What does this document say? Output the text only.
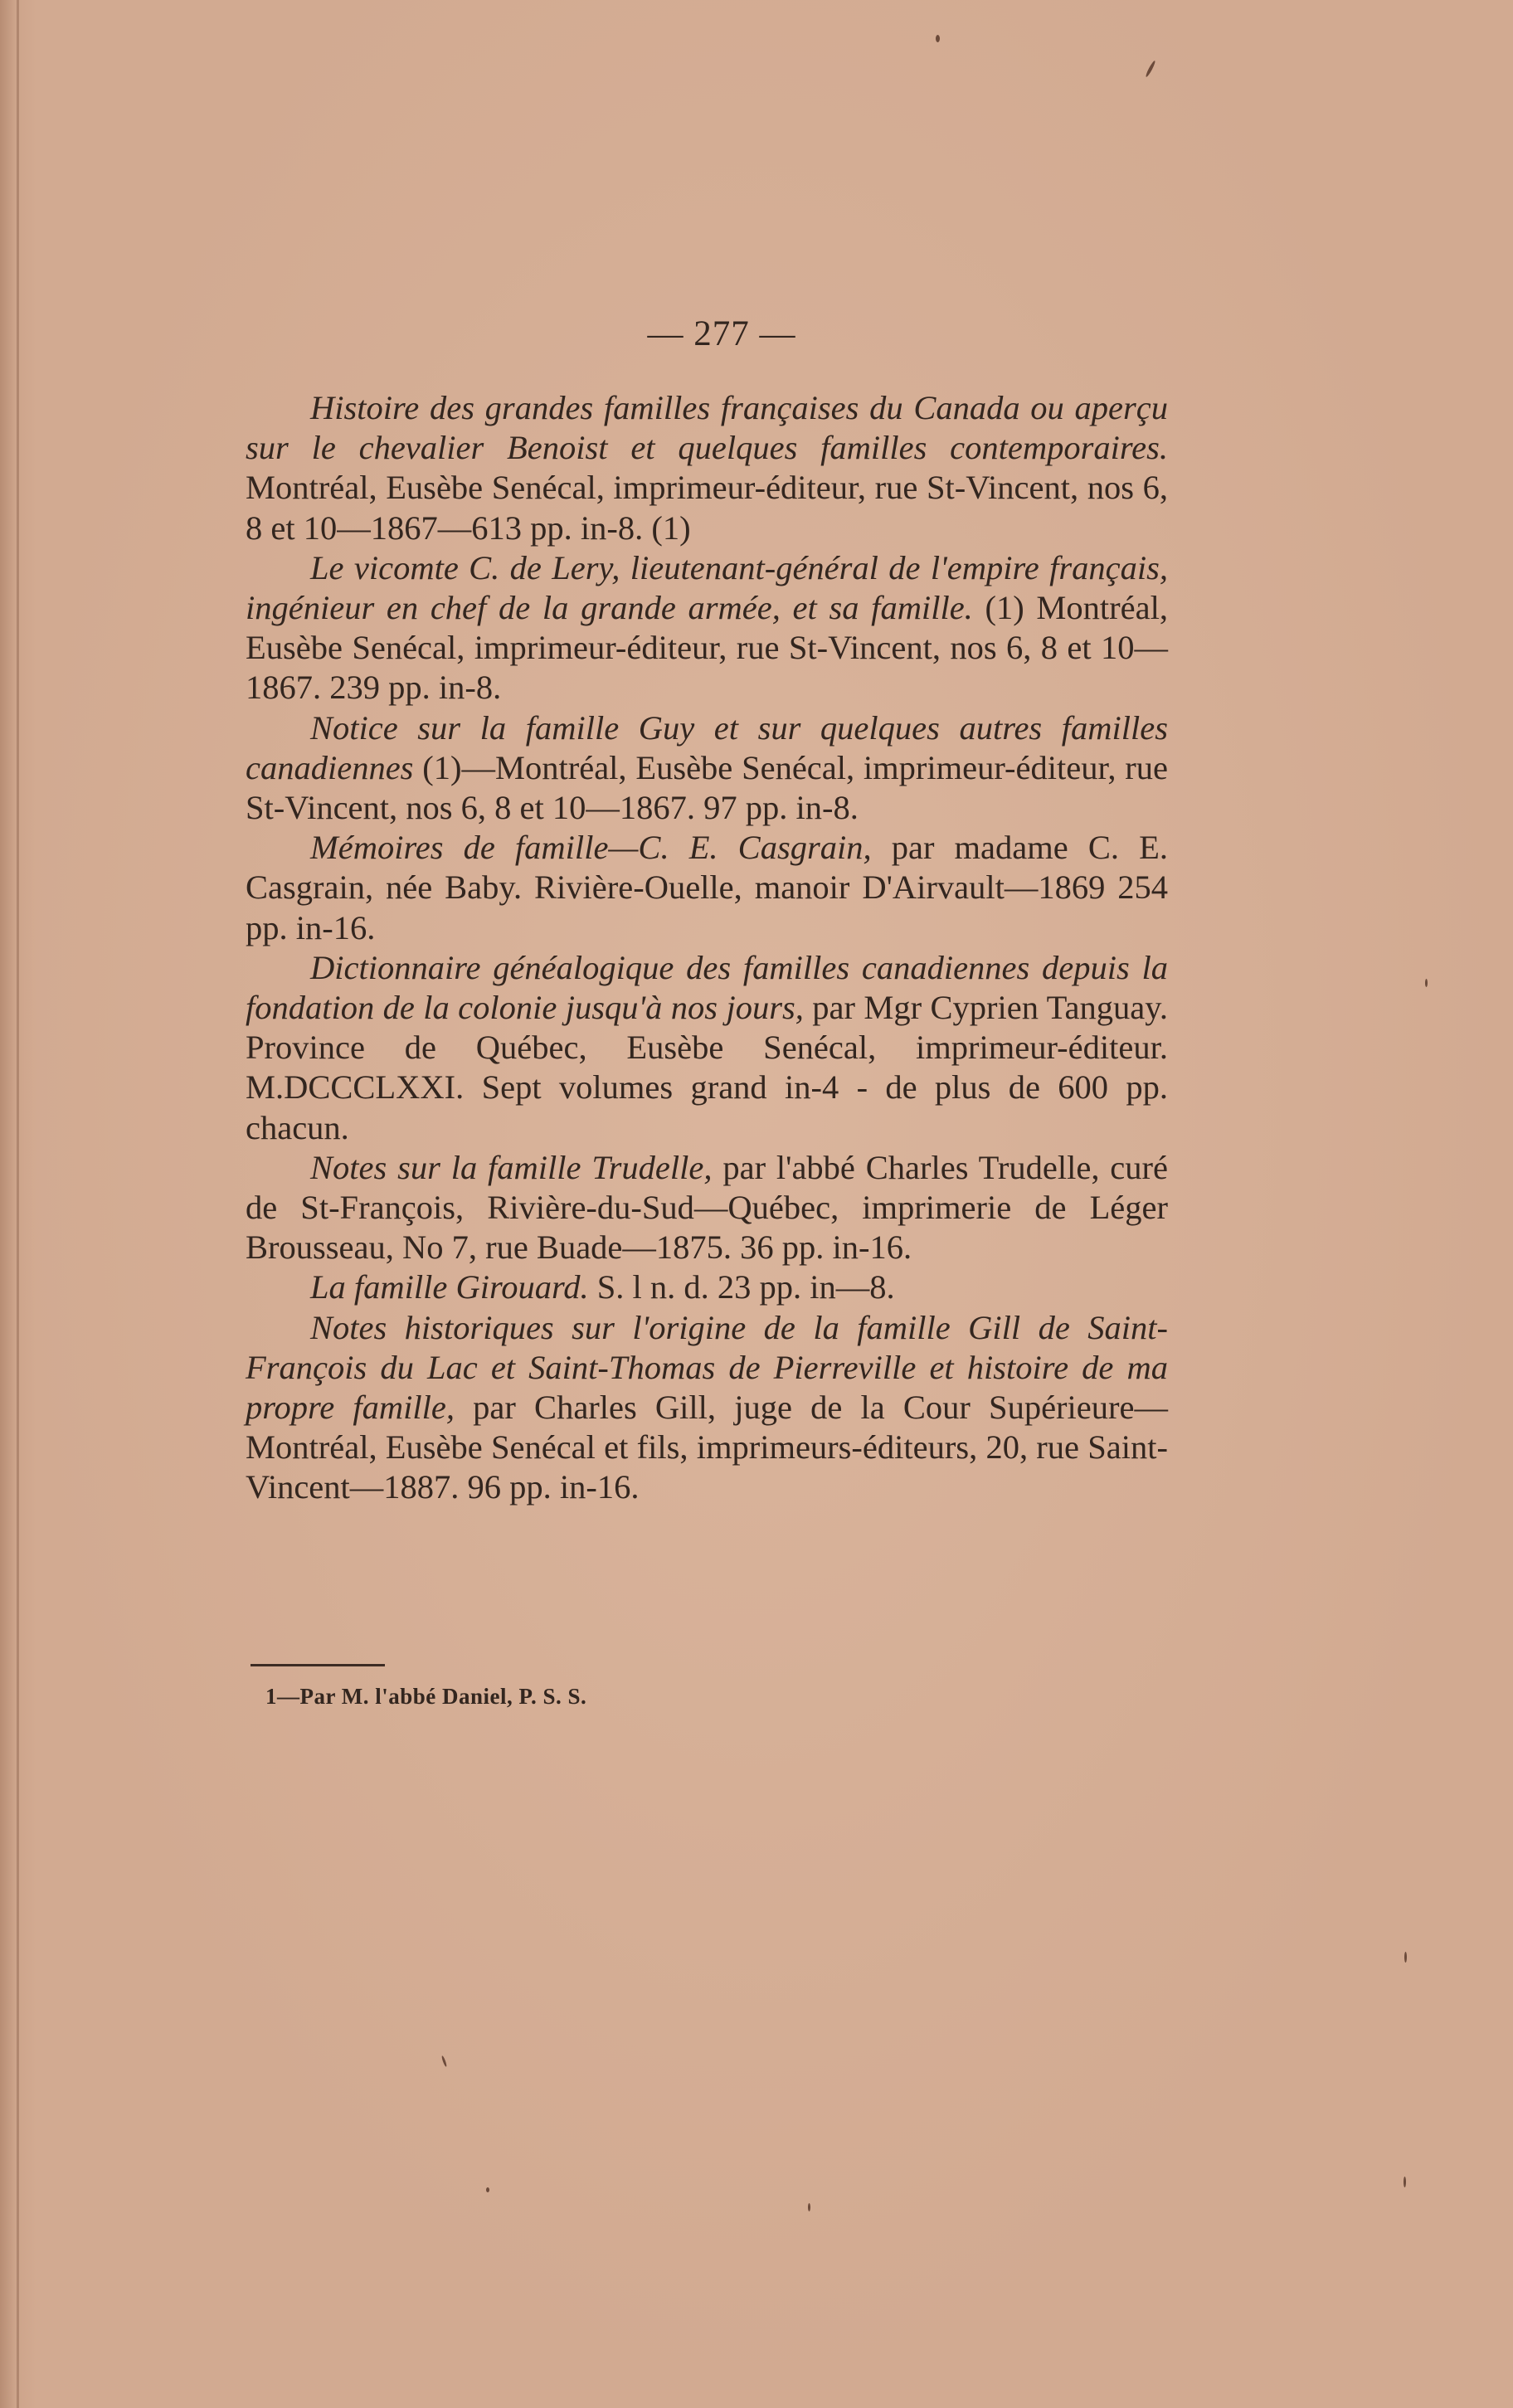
— 277 —

Histoire des grandes familles françaises du Canada ou aperçu sur le chevalier Benoist et quelques familles contemporaires. Montréal, Eusèbe Senécal, imprimeur-éditeur, rue St-Vincent, nos 6, 8 et 10—1867—613 pp. in-8. (1)

Le vicomte C. de Lery, lieutenant-général de l'empire français, ingénieur en chef de la grande armée, et sa famille. (1) Montréal, Eusèbe Senécal, imprimeur-éditeur, rue St-Vincent, nos 6, 8 et 10—1867. 239 pp. in-8.

Notice sur la famille Guy et sur quelques autres familles canadiennes (1)—Montréal, Eusèbe Senécal, imprimeur-éditeur, rue St-Vincent, nos 6, 8 et 10—1867. 97 pp. in-8.

Mémoires de famille—C. E. Casgrain, par madame C. E. Casgrain, née Baby. Rivière-Ouelle, manoir D'Airvault—1869 254 pp. in-16.

Dictionnaire généalogique des familles canadiennes depuis la fondation de la colonie jusqu'à nos jours, par Mgr Cyprien Tanguay. Province de Québec, Eusèbe Senécal, imprimeur-éditeur. M.DCCCLXXI. Sept volumes grand in-4 - de plus de 600 pp. chacun.

Notes sur la famille Trudelle, par l'abbé Charles Trudelle, curé de St-François, Rivière-du-Sud—Québec, imprimerie de Léger Brousseau, No 7, rue Buade—1875. 36 pp. in-16.

La famille Girouard. S. l n. d. 23 pp. in—8.

Notes historiques sur l'origine de la famille Gill de Saint-François du Lac et Saint-Thomas de Pierreville et histoire de ma propre famille, par Charles Gill, juge de la Cour Supérieure—Montréal, Eusèbe Senécal et fils, imprimeurs-éditeurs, 20, rue Saint-Vincent—1887. 96 pp. in-16.

1—Par M. l'abbé Daniel, P. S. S.
